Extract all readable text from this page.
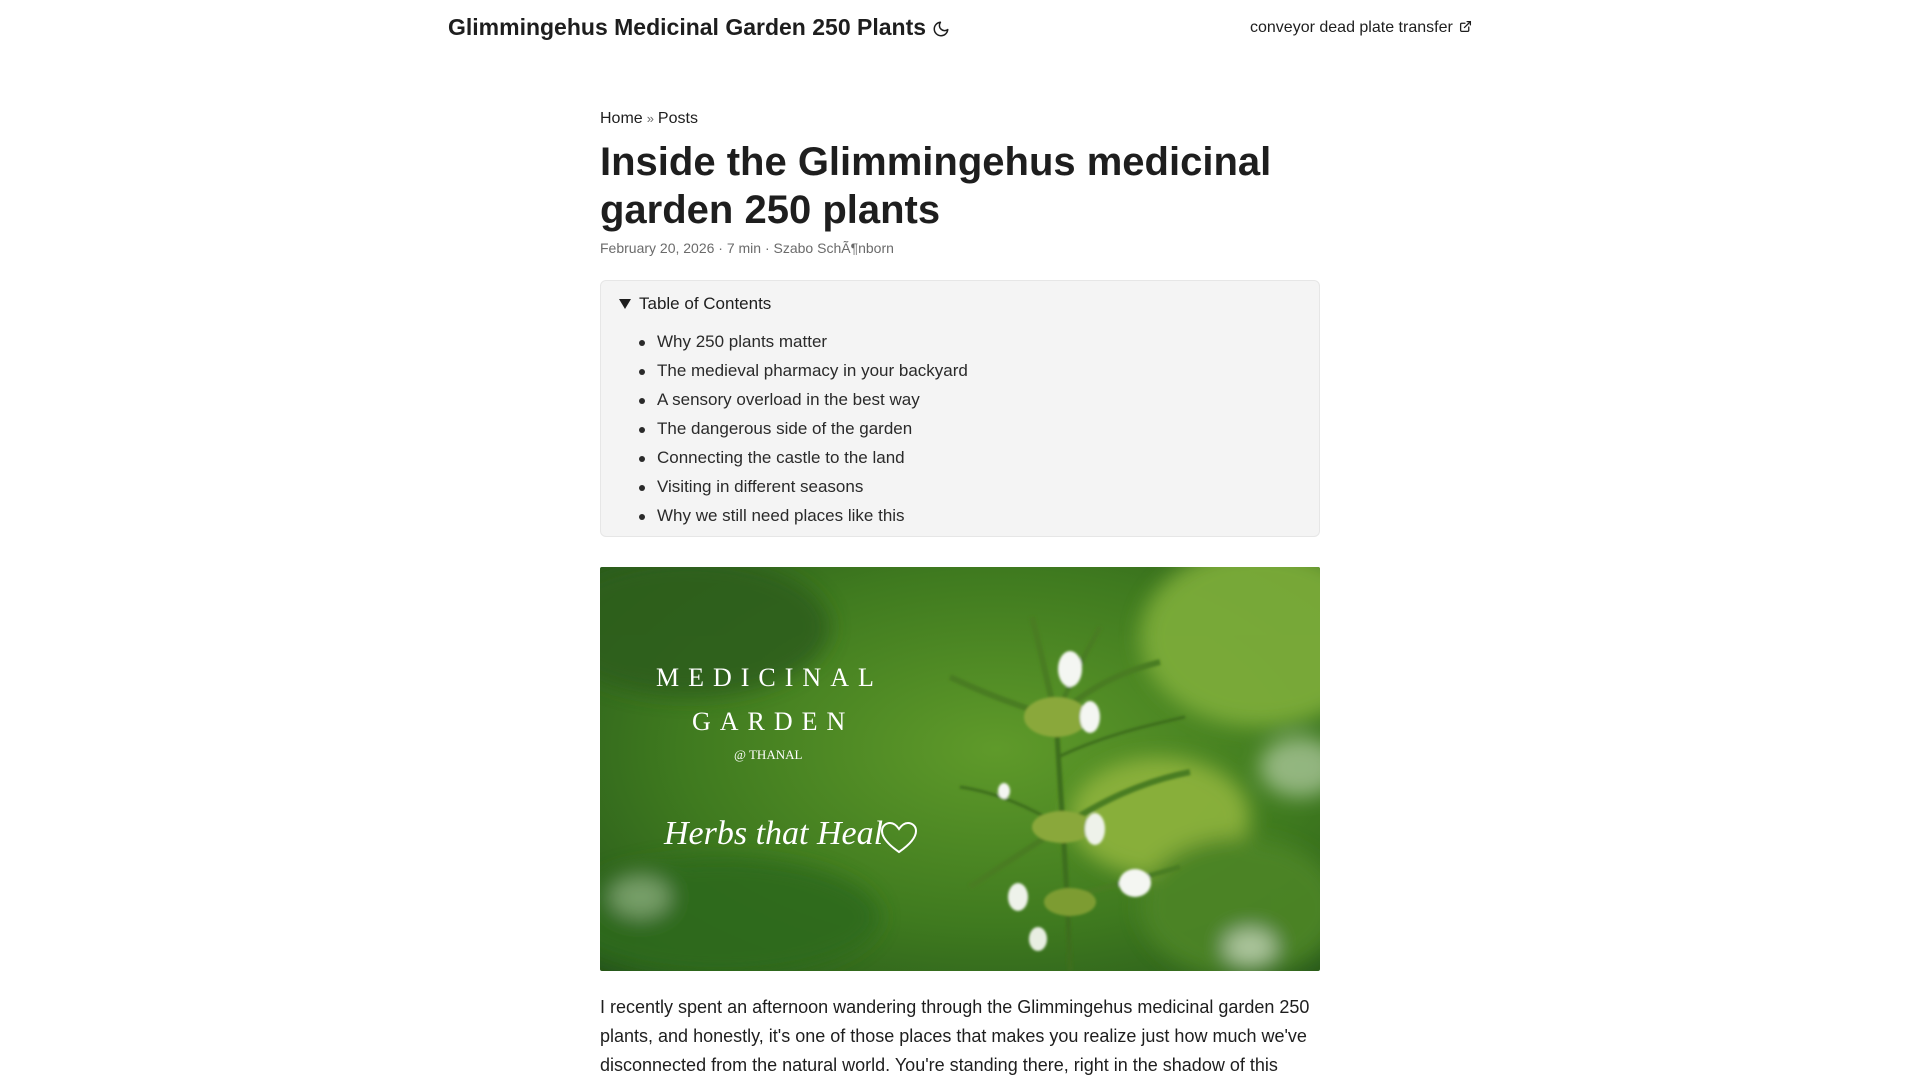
Glimmingehus Medicinal Garden 250 Plants	conveyor dead plate transfer
Home » Posts
Inside the Glimmingehus medicinal garden 250 plants
February 20, 2026 · 7 min · Szabo SchÃ¶nborn
Table of Contents
Why 250 plants matter
The medieval pharmacy in your backyard
A sensory overload in the best way
The dangerous side of the garden
Connecting the castle to the land
Visiting in different seasons
Why we still need places like this
MEDICINAL
GARDEN
@ THANAL
Herbs that Heal

I recently spent an afternoon wandering through the Glimmingehus medicinal garden 250 plants, and honestly, it's one of those places that makes you realize just how much we've disconnected from the natural world. You're standing there, right in the shadow of this
